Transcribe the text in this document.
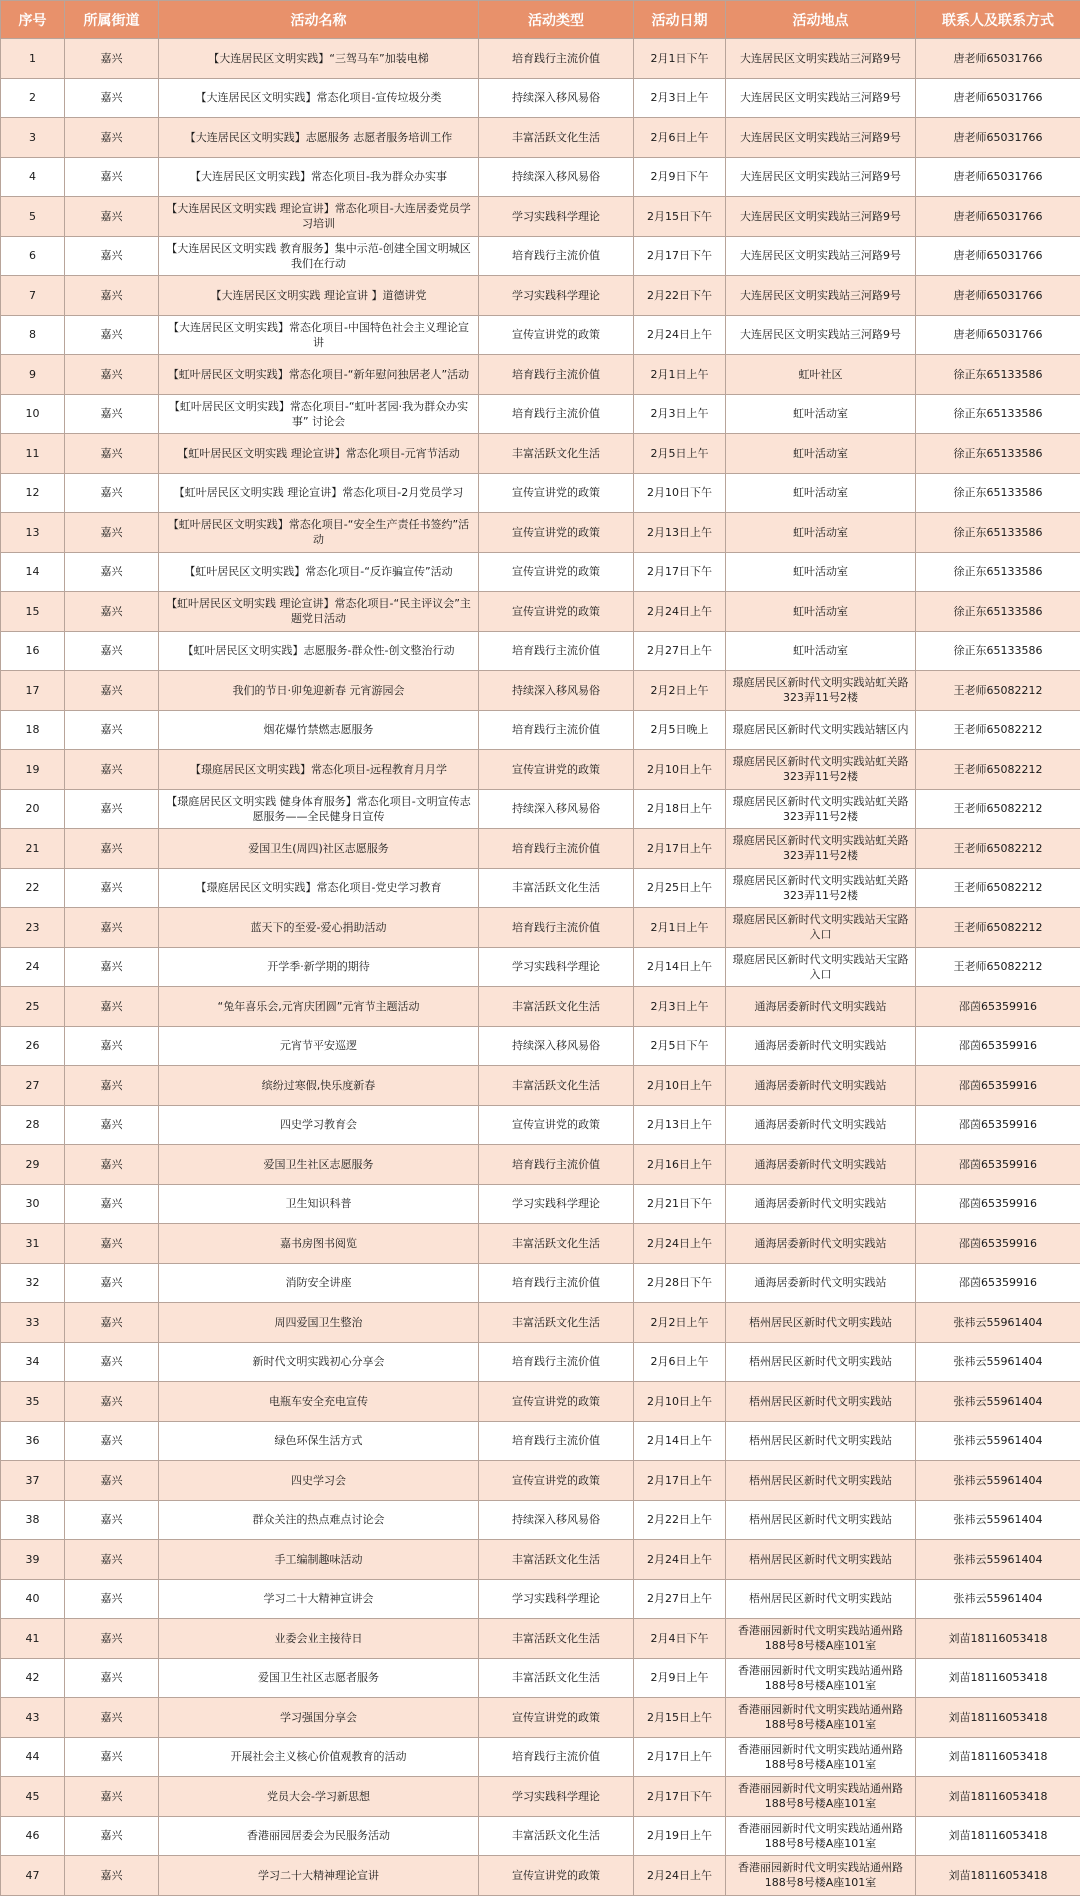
序号	所属街道	活动名称	活动类型	活动日期	活动地点	联系人及联系方式
1	嘉兴	【大连居民区文明实践】“三驾马车”加装电梯	培育践行主流价值	2月1日下午	大连居民区文明实践站三河路9号	唐老师65031766
2	嘉兴	【大连居民区文明实践】常态化项目-宣传垃圾分类	持续深入移风易俗	2月3日上午	大连居民区文明实践站三河路9号	唐老师65031766
3	嘉兴	【大连居民区文明实践】志愿服务 志愿者服务培训工作	丰富活跃文化生活	2月6日上午	大连居民区文明实践站三河路9号	唐老师65031766
4	嘉兴	【大连居民区文明实践】常态化项目-我为群众办实事	持续深入移风易俗	2月9日下午	大连居民区文明实践站三河路9号	唐老师65031766
5	嘉兴	【大连居民区文明实践 理论宣讲】常态化项目-大连居委党员学习培训	学习实践科学理论	2月15日下午	大连居民区文明实践站三河路9号	唐老师65031766
6	嘉兴	【大连居民区文明实践 教育服务】集中示范-创建全国文明城区我们在行动	培育践行主流价值	2月17日下午	大连居民区文明实践站三河路9号	唐老师65031766
7	嘉兴	【大连居民区文明实践 理论宣讲 】道德讲党	学习实践科学理论	2月22日下午	大连居民区文明实践站三河路9号	唐老师65031766
8	嘉兴	【大连居民区文明实践】常态化项目-中国特色社会主义理论宣讲	宣传宣讲党的政策	2月24日上午	大连居民区文明实践站三河路9号	唐老师65031766
9	嘉兴	【虹叶居民区文明实践】常态化项目-“新年慰问独居老人”活动	培育践行主流价值	2月1日上午	虹叶社区	徐正东65133586
10	嘉兴	【虹叶居民区文明实践】常态化项目-“虹叶茗园·我为群众办实事” 讨论会	培育践行主流价值	2月3日上午	虹叶活动室	徐正东65133586
11	嘉兴	【虹叶居民区文明实践 理论宣讲】常态化项目-元宵节活动	丰富活跃文化生活	2月5日上午	虹叶活动室	徐正东65133586
12	嘉兴	【虹叶居民区文明实践 理论宣讲】常态化项目-2月党员学习	宣传宣讲党的政策	2月10日下午	虹叶活动室	徐正东65133586
13	嘉兴	【虹叶居民区文明实践】常态化项目-“安全生产责任书签约”活动	宣传宣讲党的政策	2月13日上午	虹叶活动室	徐正东65133586
14	嘉兴	【虹叶居民区文明实践】常态化项目-“反诈骗宣传”活动	宣传宣讲党的政策	2月17日下午	虹叶活动室	徐正东65133586
15	嘉兴	【虹叶居民区文明实践 理论宣讲】常态化项目-“民主评议会”主题党日活动	宣传宣讲党的政策	2月24日上午	虹叶活动室	徐正东65133586
16	嘉兴	【虹叶居民区文明实践】志愿服务-群众性-创文整治行动	培育践行主流价值	2月27日上午	虹叶活动室	徐正东65133586
17	嘉兴	我们的节日·卯兔迎新春 元宵游园会	持续深入移风易俗	2月2日上午	璟庭居民区新时代文明实践站虹关路323弄11号2楼	王老师65082212
18	嘉兴	烟花爆竹禁燃志愿服务	培育践行主流价值	2月5日晚上	璟庭居民区新时代文明实践站辖区内	王老师65082212
19	嘉兴	【璟庭居民区文明实践】常态化项目-远程教育月月学	宣传宣讲党的政策	2月10日上午	璟庭居民区新时代文明实践站虹关路323弄11号2楼	王老师65082212
20	嘉兴	【璟庭居民区文明实践 健身体育服务】常态化项目-文明宣传志愿服务——全民健身日宣传	持续深入移风易俗	2月18日上午	璟庭居民区新时代文明实践站虹关路323弄11号2楼	王老师65082212
21	嘉兴	爱国卫生(周四)社区志愿服务	培育践行主流价值	2月17日上午	璟庭居民区新时代文明实践站虹关路323弄11号2楼	王老师65082212
22	嘉兴	【璟庭居民区文明实践】常态化项目-党史学习教育	丰富活跃文化生活	2月25日上午	璟庭居民区新时代文明实践站虹关路323弄11号2楼	王老师65082212
23	嘉兴	蓝天下的至爱-爱心捐助活动	培育践行主流价值	2月1日上午	璟庭居民区新时代文明实践站天宝路入口	王老师65082212
24	嘉兴	开学季·新学期的期待	学习实践科学理论	2月14日上午	璟庭居民区新时代文明实践站天宝路入口	王老师65082212
25	嘉兴	“兔年喜乐会,元宵庆团圆”元宵节主题活动	丰富活跃文化生活	2月3日上午	通海居委新时代文明实践站	邵茵65359916
26	嘉兴	元宵节平安巡逻	持续深入移风易俗	2月5日下午	通海居委新时代文明实践站	邵茵65359916
27	嘉兴	缤纷过寒假,快乐度新春	丰富活跃文化生活	2月10日上午	通海居委新时代文明实践站	邵茵65359916
28	嘉兴	四史学习教育会	宣传宣讲党的政策	2月13日上午	通海居委新时代文明实践站	邵茵65359916
29	嘉兴	爱国卫生社区志愿服务	培育践行主流价值	2月16日上午	通海居委新时代文明实践站	邵茵65359916
30	嘉兴	卫生知识科普	学习实践科学理论	2月21日下午	通海居委新时代文明实践站	邵茵65359916
31	嘉兴	嘉书房图书阅览	丰富活跃文化生活	2月24日上午	通海居委新时代文明实践站	邵茵65359916
32	嘉兴	消防安全讲座	培育践行主流价值	2月28日下午	通海居委新时代文明实践站	邵茵65359916
33	嘉兴	周四爱国卫生整治	丰富活跃文化生活	2月2日上午	梧州居民区新时代文明实践站	张祎云55961404
34	嘉兴	新时代文明实践初心分享会	培育践行主流价值	2月6日上午	梧州居民区新时代文明实践站	张祎云55961404
35	嘉兴	电瓶车安全充电宣传	宣传宣讲党的政策	2月10日上午	梧州居民区新时代文明实践站	张祎云55961404
36	嘉兴	绿色环保生活方式	培育践行主流价值	2月14日上午	梧州居民区新时代文明实践站	张祎云55961404
37	嘉兴	四史学习会	宣传宣讲党的政策	2月17日上午	梧州居民区新时代文明实践站	张祎云55961404
38	嘉兴	群众关注的热点难点讨论会	持续深入移风易俗	2月22日上午	梧州居民区新时代文明实践站	张祎云55961404
39	嘉兴	手工编制趣味活动	丰富活跃文化生活	2月24日上午	梧州居民区新时代文明实践站	张祎云55961404
40	嘉兴	学习二十大精神宣讲会	学习实践科学理论	2月27日上午	梧州居民区新时代文明实践站	张祎云55961404
41	嘉兴	业委会业主接待日	丰富活跃文化生活	2月4日下午	香港丽园新时代文明实践站通州路188号8号楼A座101室	刘苗18116053418
42	嘉兴	爱国卫生社区志愿者服务	丰富活跃文化生活	2月9日上午	香港丽园新时代文明实践站通州路188号8号楼A座101室	刘苗18116053418
43	嘉兴	学习强国分享会	宣传宣讲党的政策	2月15日上午	香港丽园新时代文明实践站通州路188号8号楼A座101室	刘苗18116053418
44	嘉兴	开展社会主义核心价值观教育的活动	培育践行主流价值	2月17日上午	香港丽园新时代文明实践站通州路188号8号楼A座101室	刘苗18116053418
45	嘉兴	党员大会-学习新思想	学习实践科学理论	2月17日下午	香港丽园新时代文明实践站通州路188号8号楼A座101室	刘苗18116053418
46	嘉兴	香港丽园居委会为民服务活动	丰富活跃文化生活	2月19日上午	香港丽园新时代文明实践站通州路188号8号楼A座101室	刘苗18116053418
47	嘉兴	学习二十大精神理论宣讲	宣传宣讲党的政策	2月24日上午	香港丽园新时代文明实践站通州路188号8号楼A座101室	刘苗18116053418
